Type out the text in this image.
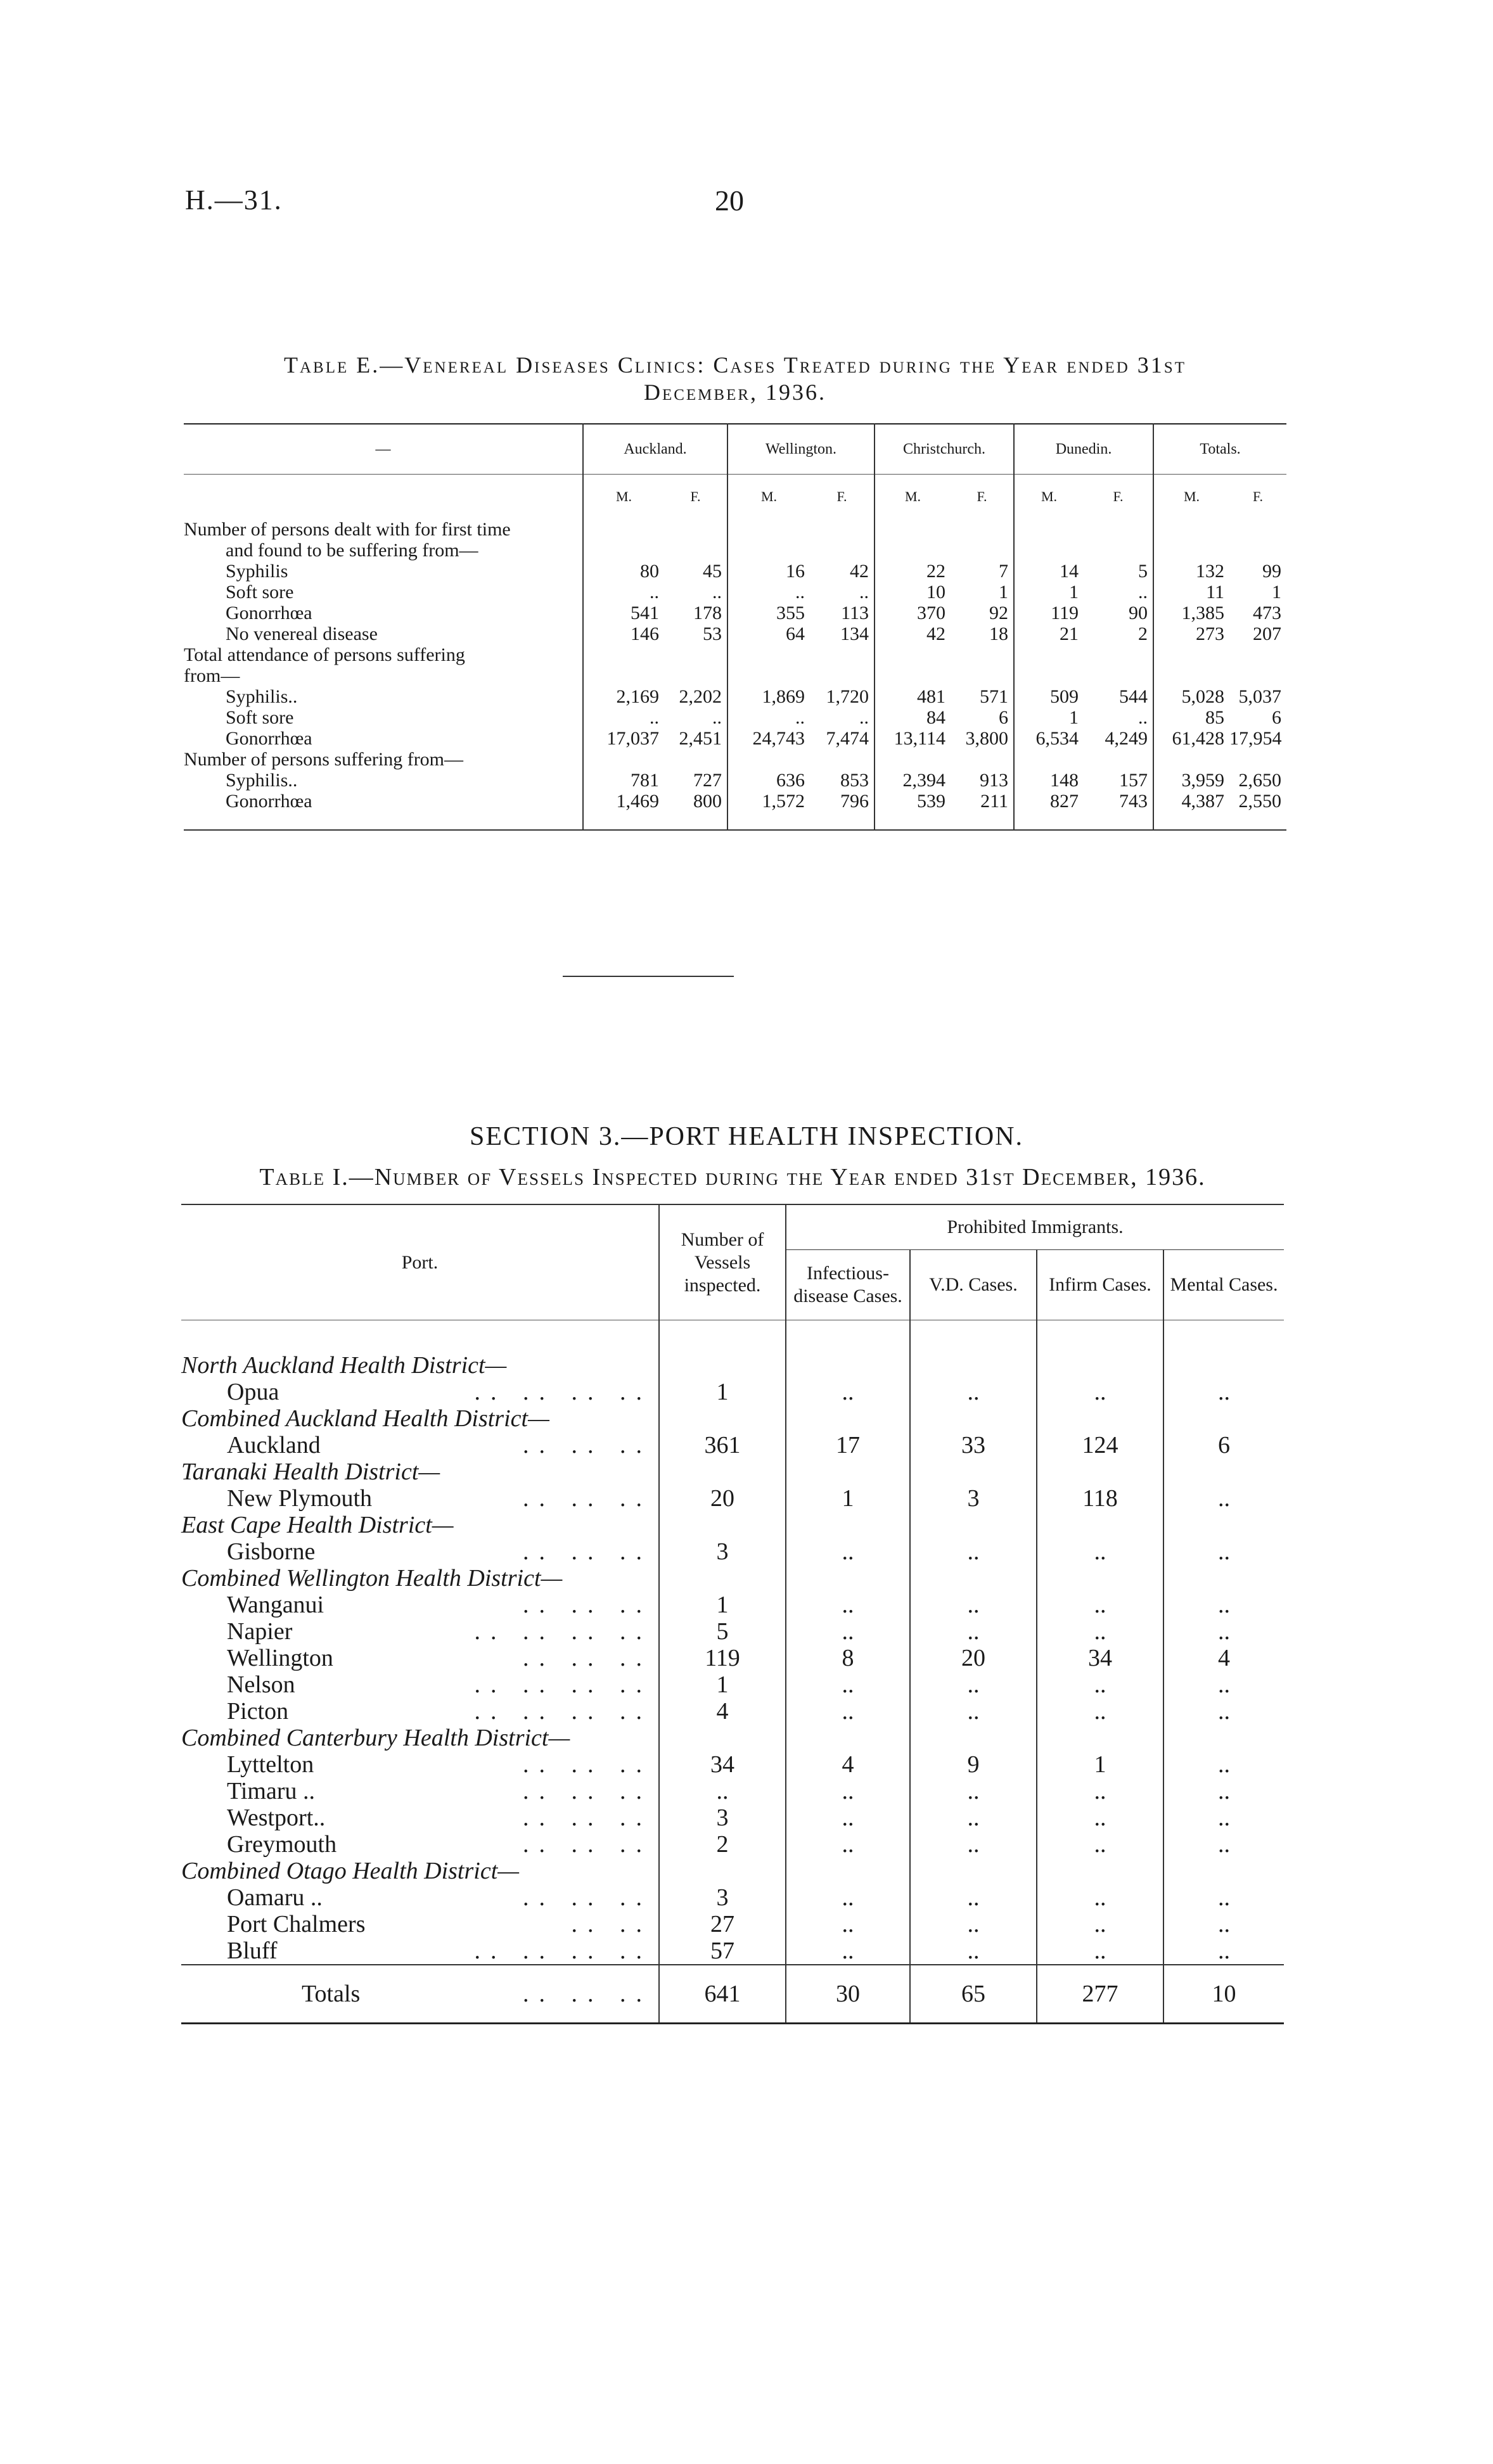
H.—31.	20
Table E.—Venereal Diseases Clinics: Cases Treated during the Year ended 31st
December, 1936.
—	Auckland.		Wellington.		Christchurch.		Dunedin.		Totals.	
	M.	F.	M.	F.	M.	F.	M.	F.	M.	F.
Number of persons dealt with for first time										
and found to be suffering from—										
Syphilis	80	45	16	42	22	7	14	5	132	99
Soft sore	..	..	..	..	10	1	1	..	11	1
Gonorrhœa	541	178	355	113	370	92	119	90	1,385	473
No venereal disease	146	53	64	134	42	18	21	2	273	207
Total attendance of persons suffering										
from—										
Syphilis..	2,169	2,202	1,869	1,720	481	571	509	544	5,028	5,037
Soft sore	..	..	..	..	84	6	1	..	85	6
Gonorrhœa	17,037	2,451	24,743	7,474	13,114	3,800	6,534	4,249	61,428	17,954
Number of persons suffering from—										
Syphilis..	781	727	636	853	2,394	913	148	157	3,959	2,650
Gonorrhœa	1,469	800	1,572	796	539	211	827	743	4,387	2,550

SECTION 3.—PORT HEALTH INSPECTION.
Table I.—Number of Vessels Inspected during the Year ended 31st December, 1936.
Port.	Number of Vessels inspected.	Prohibited Immigrants.			
		Infectious-disease Cases.	V.D. Cases.	Infirm Cases.	Mental Cases.

North Auckland Health District—					
Opua .. .. .. ..	1	..	..	..	..
Combined Auckland Health District—					
Auckland .. .. ..	361	17	33	124	6
Taranaki Health District—					
New Plymouth .. .. ..	20	1	3	118	..
East Cape Health District—					
Gisborne .. .. ..	3	..	..	..	..
Combined Wellington Health District—					
Wanganui .. .. ..	1	..	..	..	..
Napier .. .. .. ..	5	..	..	..	..
Wellington .. .. ..	119	8	20	34	4
Nelson .. .. .. ..	1	..	..	..	..
Picton .. .. .. ..	4	..	..	..	..
Combined Canterbury Health District—					
Lyttelton .. .. ..	34	4	9	1	..
Timaru .. .. .. ..	..	..	..	..	..
Westport.. .. .. ..	3	..	..	..	..
Greymouth .. .. ..	2	..	..	..	..
Combined Otago Health District—					
Oamaru .. .. .. ..	3	..	..	..	..
Port Chalmers .. ..	27	..	..	..	..
Bluff .. .. .. ..	57	..	..	..	..
Totals .. .. ..	641	30	65	277	10
